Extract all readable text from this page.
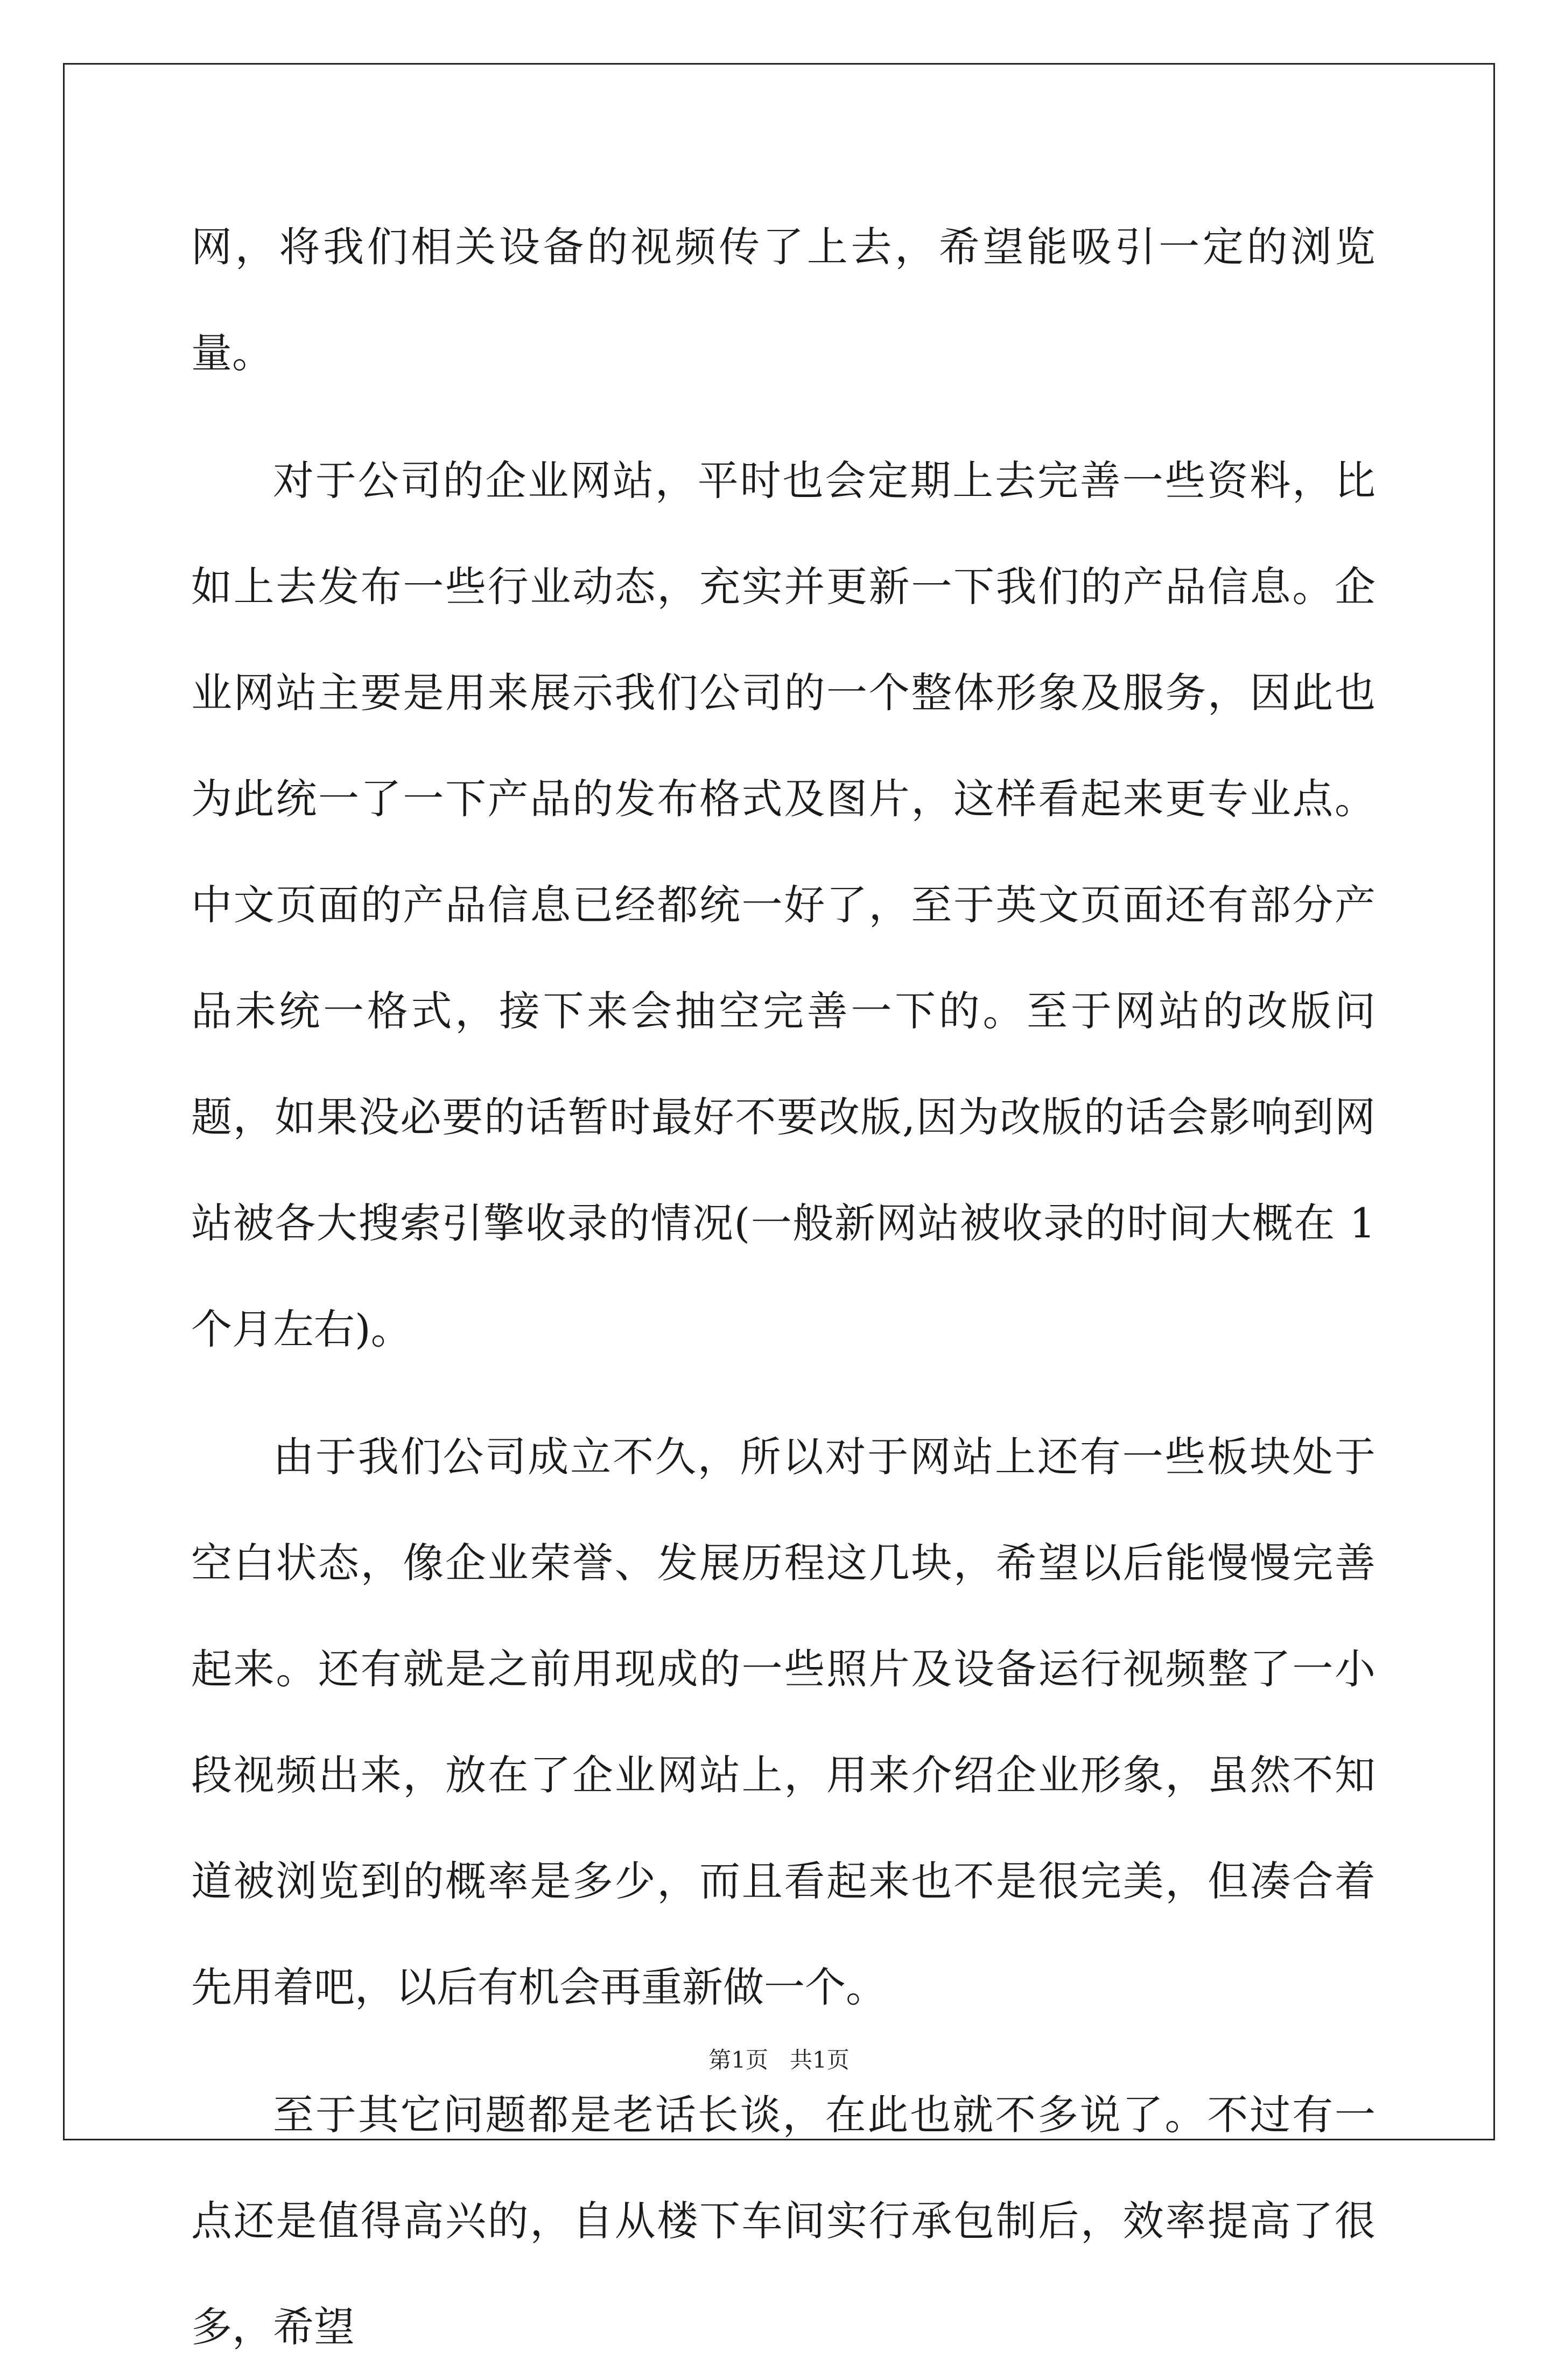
网，将我们相关设备的视频传了上去，希望能吸引一定的浏览量。

对于公司的企业网站，平时也会定期上去完善一些资料，比如上去发布一些行业动态，充实并更新一下我们的产品信息。企业网站主要是用来展示我们公司的一个整体形象及服务，因此也为此统一了一下产品的发布格式及图片，这样看起来更专业点。中文页面的产品信息已经都统一好了，至于英文页面还有部分产品未统一格式，接下来会抽空完善一下的。至于网站的改版问题，如果没必要的话暂时最好不要改版,因为改版的话会影响到网站被各大搜索引擎收录的情况(一般新网站被收录的时间大概在 1 个月左右)。

由于我们公司成立不久，所以对于网站上还有一些板块处于空白状态，像企业荣誉、发展历程这几块，希望以后能慢慢完善起来。还有就是之前用现成的一些照片及设备运行视频整了一小段视频出来，放在了企业网站上，用来介绍企业形象，虽然不知道被浏览到的概率是多少，而且看起来也不是很完美，但凑合着先用着吧，以后有机会再重新做一个。

至于其它问题都是老话长谈，在此也就不多说了。不过有一点还是值得高兴的，自从楼下车间实行承包制后，效率提高了很多，希望

第1页   共1页
